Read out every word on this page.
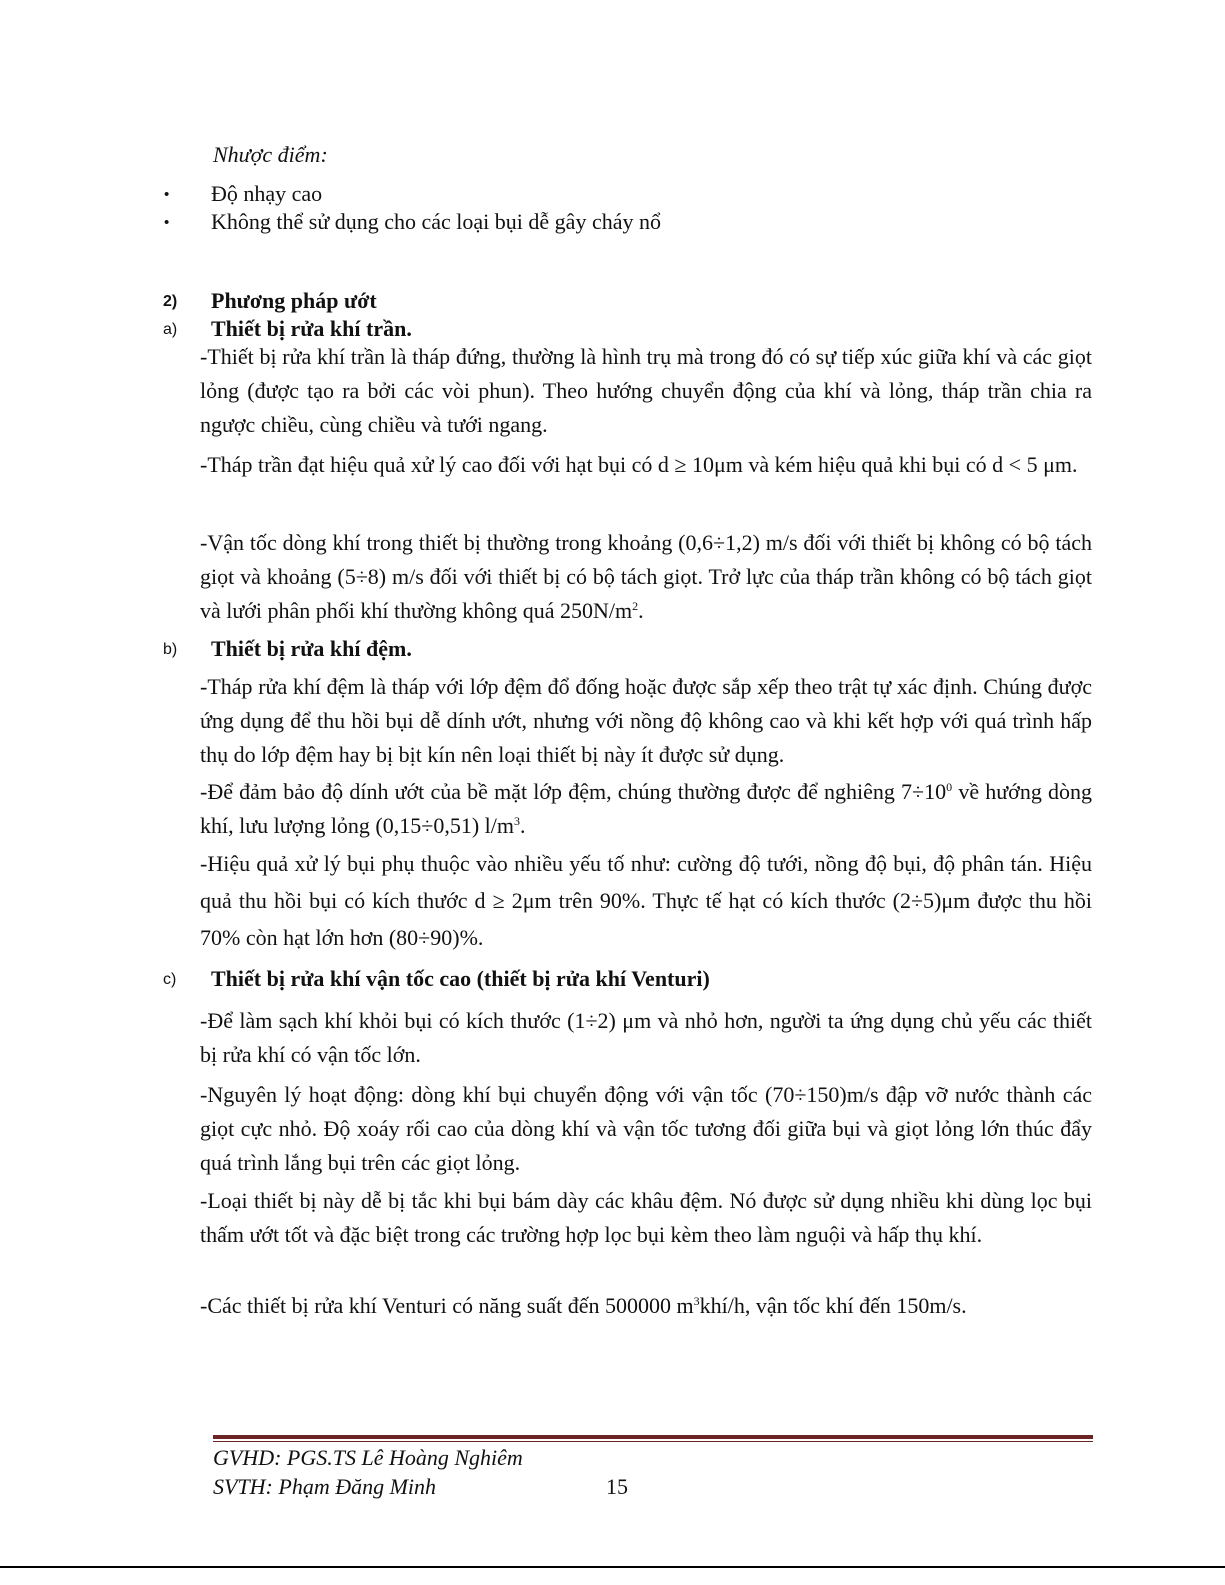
Nhược điểm:
• Độ nhạy cao
• Không thể sử dụng cho các loại bụi dễ gây cháy nổ
2) Phương pháp ướt
a) Thiết bị rửa khí trần.
-Thiết bị rửa khí trần là tháp đứng, thường là hình trụ mà trong đó có sự tiếp xúc giữa khí và các giọt lỏng (được tạo ra bởi các vòi phun). Theo hướng chuyển động của khí và lỏng, tháp trần chia ra ngược chiều, cùng chiều và tưới ngang.
-Tháp trần đạt hiệu quả xử lý cao đối với hạt bụi có d ≥ 10μm và kém hiệu quả khi bụi có d < 5 μm.
-Vận tốc dòng khí trong thiết bị thường trong khoảng (0,6÷1,2) m/s đối với thiết bị không có bộ tách giọt và khoảng (5÷8) m/s đối với thiết bị có bộ tách giọt. Trở lực của tháp trần không có bộ tách giọt và lưới phân phối khí thường không quá $250N/m^2$.
b) Thiết bị rửa khí đệm.
-Tháp rửa khí đệm là tháp với lớp đệm đổ đống hoặc được sắp xếp theo trật tự xác định. Chúng được ứng dụng để thu hồi bụi dễ dính ướt, nhưng với nồng độ không cao và khi kết hợp với quá trình hấp thụ do lớp đệm hay bị bịt kín nên loại thiết bị này ít được sử dụng.
-Để đảm bảo độ dính ướt của bề mặt lớp đệm, chúng thường được để nghiêng $7\div 10^0$ về hướng dòng khí, lưu lượng lỏng (0,15÷0,51) $l/m^3$.
-Hiệu quả xử lý bụi phụ thuộc vào nhiều yếu tố như: cường độ tưới, nồng độ bụi, độ phân tán. Hiệu quả thu hồi bụi có kích thước d ≥ 2μm trên 90%. Thực tế hạt có kích thước (2÷5)μm được thu hồi 70% còn hạt lớn hơn (80÷90)%.
c) Thiết bị rửa khí vận tốc cao (thiết bị rửa khí Venturi)
-Để làm sạch khí khỏi bụi có kích thước (1÷2) μm và nhỏ hơn, người ta ứng dụng chủ yếu các thiết bị rửa khí có vận tốc lớn.
-Nguyên lý hoạt động: dòng khí bụi chuyển động với vận tốc (70÷150)m/s đập vỡ nước thành các giọt cực nhỏ. Độ xoáy rối cao của dòng khí và vận tốc tương đối giữa bụi và giọt lỏng lớn thúc đẩy quá trình lắng bụi trên các giọt lỏng.
-Loại thiết bị này dễ bị tắc khi bụi bám dày các khâu đệm. Nó được sử dụng nhiều khi dùng lọc bụi thấm ướt tốt và đặc biệt trong các trường hợp lọc bụi kèm theo làm nguội và hấp thụ khí.
-Các thiết bị rửa khí Venturi có năng suất đến 500000 $m^3khí/h$, vận tốc khí đến 150m/s.
GVHD: PGS.TS Lê Hoàng Nghiêm
SVTH: Phạm Đăng Minh	15
